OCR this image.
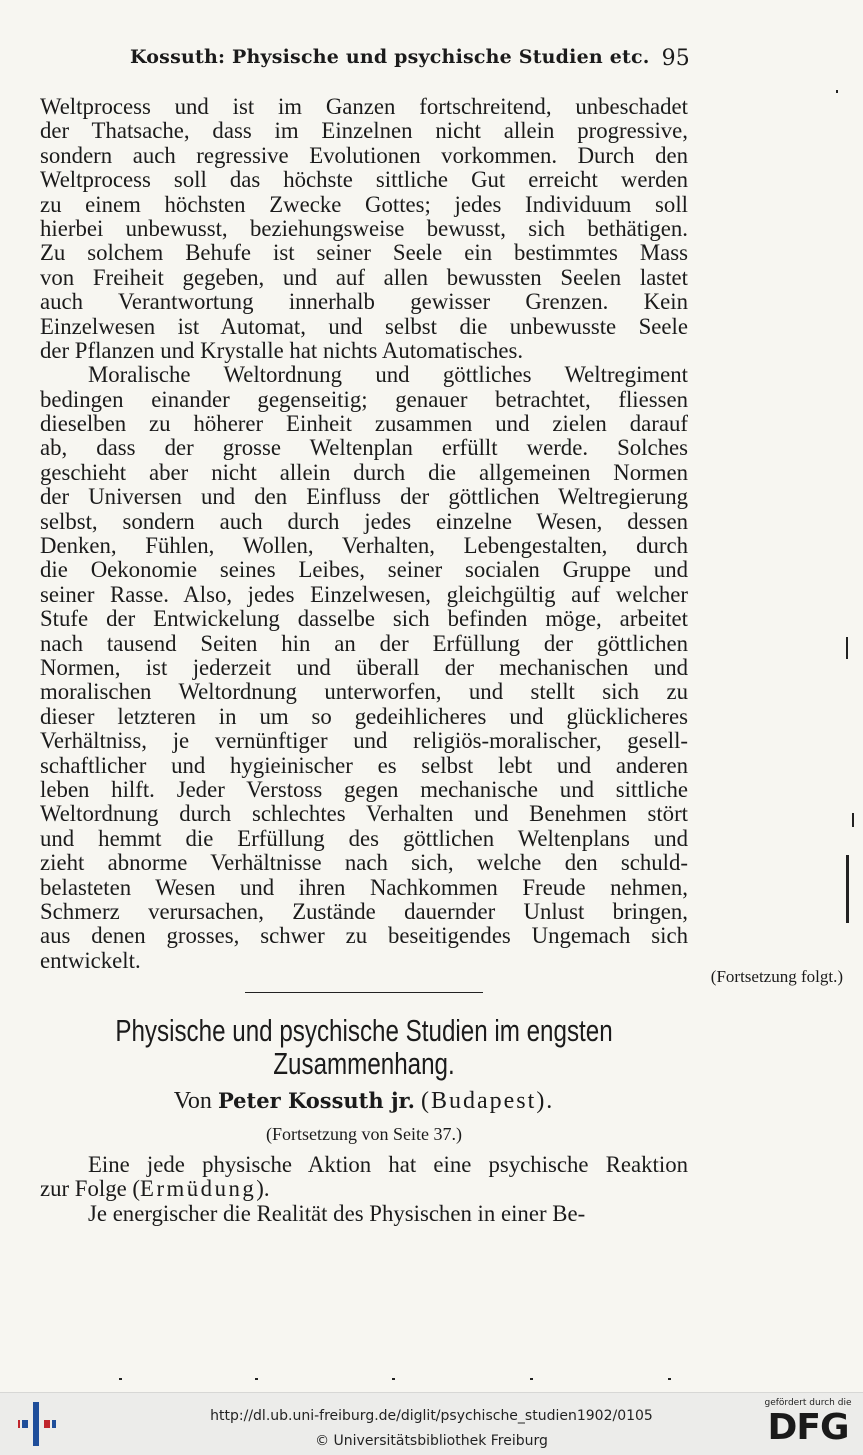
Kossuth: Physische und psychische Studien etc. 95
Weltprocess und ist im Ganzen fortschreitend, unbeschadet
der Thatsache, dass im Einzelnen nicht allein progressive,
sondern auch regressive Evolutionen vorkommen. Durch den
Weltprocess soll das höchste sittliche Gut erreicht werden
zu einem höchsten Zwecke Gottes; jedes Individuum soll
hierbei unbewusst, beziehungsweise bewusst, sich bethätigen.
Zu solchem Behufe ist seiner Seele ein bestimmtes Mass
von Freiheit gegeben, und auf allen bewussten Seelen lastet
auch Verantwortung innerhalb gewisser Grenzen. Kein
Einzelwesen ist Automat, und selbst die unbewusste Seele
der Pflanzen und Krystalle hat nichts Automatisches.
Moralische Weltordnung und göttliches Weltregiment
bedingen einander gegenseitig; genauer betrachtet, fliessen
dieselben zu höherer Einheit zusammen und zielen darauf
ab, dass der grosse Weltenplan erfüllt werde. Solches
geschieht aber nicht allein durch die allgemeinen Normen
der Universen und den Einfluss der göttlichen Weltregierung
selbst, sondern auch durch jedes einzelne Wesen, dessen
Denken, Fühlen, Wollen, Verhalten, Lebengestalten, durch
die Oekonomie seines Leibes, seiner socialen Gruppe und
seiner Rasse. Also, jedes Einzelwesen, gleichgültig auf welcher
Stufe der Entwickelung dasselbe sich befinden möge, arbeitet
nach tausend Seiten hin an der Erfüllung der göttlichen
Normen, ist jederzeit und überall der mechanischen und
moralischen Weltordnung unterworfen, und stellt sich zu
dieser letzteren in um so gedeihlicheres und glücklicheres
Verhältniss, je vernünftiger und religiös-moralischer, gesell-
schaftlicher und hygieinischer es selbst lebt und anderen
leben hilft. Jeder Verstoss gegen mechanische und sittliche
Weltordnung durch schlechtes Verhalten und Benehmen stört
und hemmt die Erfüllung des göttlichen Weltenplans und
zieht abnorme Verhältnisse nach sich, welche den schuld-
belasteten Wesen und ihren Nachkommen Freude nehmen,
Schmerz verursachen, Zustände dauernder Unlust bringen,
aus denen grosses, schwer zu beseitigendes Ungemach sich
entwickelt.
(Fortsetzung folgt.)
Physische und psychische Studien im engsten
Zusammenhang.
Von Peter Kossuth jr. (Budapest).
(Fortsetzung von Seite 37.)
Eine jede physische Aktion hat eine psychische Reaktion
zur Folge (Ermüdung).
Je energischer die Realität des Physischen in einer Be-
http://dl.ub.uni-freiburg.de/diglit/psychische_studien1902/0105
© Universitätsbibliothek Freiburg
gefördert durch die
DFG
